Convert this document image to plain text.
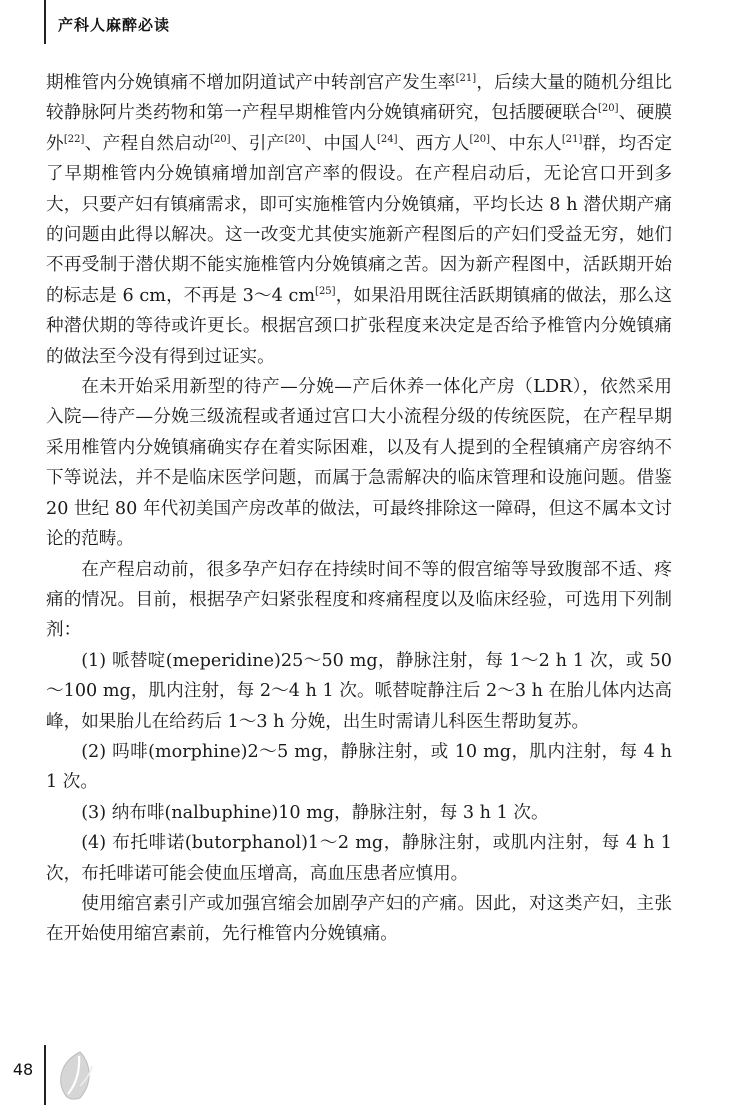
产科人麻醉必读

期椎管内分娩镇痛不增加阴道试产中转剖宫产发生率[21]，后续大量的随机分组比较静脉阿片类药物和第一产程早期椎管内分娩镇痛研究，包括腰硬联合[20]、硬膜外[22]、产程自然启动[20]、引产[20]、中国人[24]、西方人[20]、中东人[21]群，均否定了早期椎管内分娩镇痛增加剖宫产率的假设。在产程启动后，无论宫口开到多大，只要产妇有镇痛需求，即可实施椎管内分娩镇痛，平均长达 8 h 潜伏期产痛的问题由此得以解决。这一改变尤其使实施新产程图后的产妇们受益无穷，她们不再受制于潜伏期不能实施椎管内分娩镇痛之苦。因为新产程图中，活跃期开始的标志是 6 cm，不再是 3～4 cm[25]，如果沿用既往活跃期镇痛的做法，那么这种潜伏期的等待或许更长。根据宫颈口扩张程度来决定是否给予椎管内分娩镇痛的做法至今没有得到过证实。

在未开始采用新型的待产—分娩—产后休养一体化产房（LDR），依然采用入院—待产—分娩三级流程或者通过宫口大小流程分级的传统医院，在产程早期采用椎管内分娩镇痛确实存在着实际困难，以及有人提到的全程镇痛产房容纳不下等说法，并不是临床医学问题，而属于急需解决的临床管理和设施问题。借鉴 20 世纪 80 年代初美国产房改革的做法，可最终排除这一障碍，但这不属本文讨论的范畴。

在产程启动前，很多孕产妇存在持续时间不等的假宫缩等导致腹部不适、疼痛的情况。目前，根据孕产妇紧张程度和疼痛程度以及临床经验，可选用下列制剂：

(1) 哌替啶(meperidine)25～50 mg，静脉注射，每 1～2 h 1 次，或 50～100 mg，肌内注射，每 2～4 h 1 次。哌替啶静注后 2～3 h 在胎儿体内达高峰，如果胎儿在给药后 1～3 h 分娩，出生时需请儿科医生帮助复苏。

(2) 吗啡(morphine)2～5 mg，静脉注射，或 10 mg，肌内注射，每 4 h 1 次。

(3) 纳布啡(nalbuphine)10 mg，静脉注射，每 3 h 1 次。

(4) 布托啡诺(butorphanol)1～2 mg，静脉注射，或肌内注射，每 4 h 1 次，布托啡诺可能会使血压增高，高血压患者应慎用。

使用缩宫素引产或加强宫缩会加剧孕产妇的产痛。因此，对这类产妇，主张在开始使用缩宫素前，先行椎管内分娩镇痛。

48
